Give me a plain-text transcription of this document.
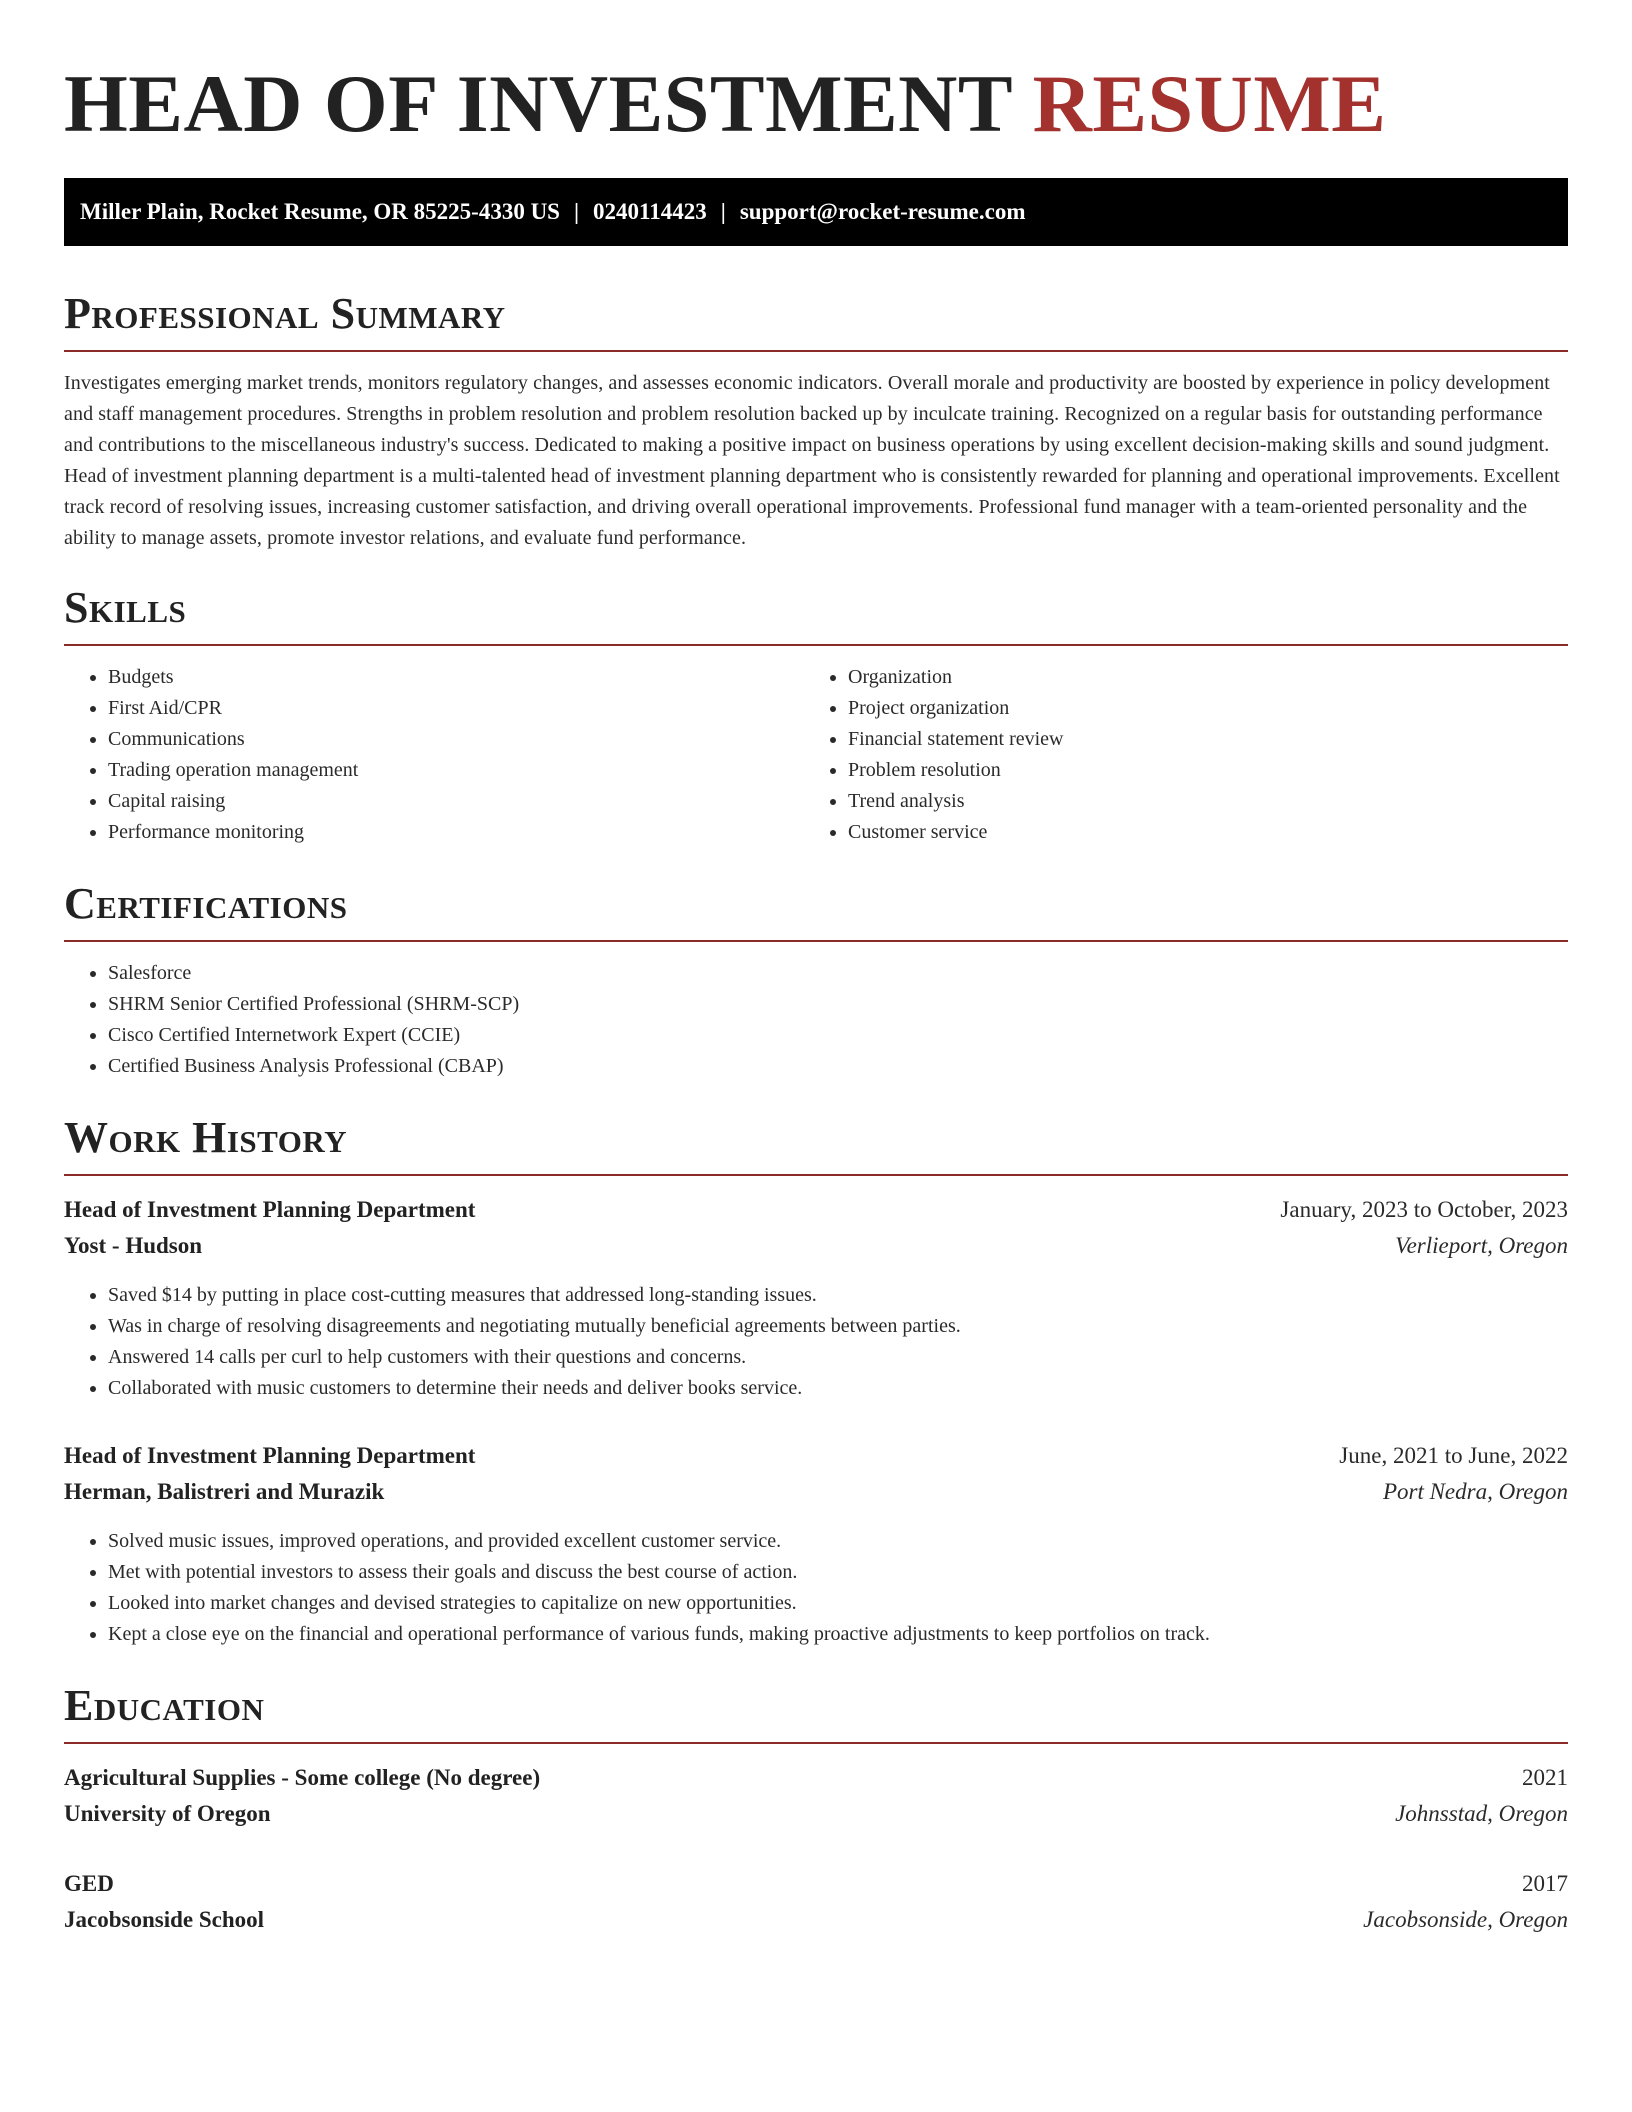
HEAD OF INVESTMENT RESUME
Miller Plain, Rocket Resume, OR 85225-4330 US | 0240114423 | support@rocket-resume.com
Professional Summary

Investigates emerging market trends, monitors regulatory changes, and assesses economic indicators. Overall morale and productivity are boosted by experience in policy development and staff management procedures. Strengths in problem resolution and problem resolution backed up by inculcate training. Recognized on a regular basis for outstanding performance and contributions to the miscellaneous industry's success. Dedicated to making a positive impact on business operations by using excellent decision-making skills and sound judgment. Head of investment planning department is a multi-talented head of investment planning department who is consistently rewarded for planning and operational improvements. Excellent track record of resolving issues, increasing customer satisfaction, and driving overall operational improvements. Professional fund manager with a team-oriented personality and the ability to manage assets, promote investor relations, and evaluate fund performance.

Skills
• Budgets
• First Aid/CPR
• Communications
• Trading operation management
• Capital raising
• Performance monitoring
• Organization
• Project organization
• Financial statement review
• Problem resolution
• Trend analysis
• Customer service
Certifications
• Salesforce
• SHRM Senior Certified Professional (SHRM-SCP)
• Cisco Certified Internetwork Expert (CCIE)
• Certified Business Analysis Professional (CBAP)
Work History
Head of Investment Planning Department	January, 2023 to October, 2023
Yost - Hudson	Verlieport, Oregon
• Saved $14 by putting in place cost-cutting measures that addressed long-standing issues.
• Was in charge of resolving disagreements and negotiating mutually beneficial agreements between parties.
• Answered 14 calls per curl to help customers with their questions and concerns.
• Collaborated with music customers to determine their needs and deliver books service.
Head of Investment Planning Department	June, 2021 to June, 2022
Herman, Balistreri and Murazik	Port Nedra, Oregon
• Solved music issues, improved operations, and provided excellent customer service.
• Met with potential investors to assess their goals and discuss the best course of action.
• Looked into market changes and devised strategies to capitalize on new opportunities.
• Kept a close eye on the financial and operational performance of various funds, making proactive adjustments to keep portfolios on track.
Education
Agricultural Supplies - Some college (No degree)	2021
University of Oregon	Johnsstad, Oregon
GED	2017
Jacobsonside School	Jacobsonside, Oregon
